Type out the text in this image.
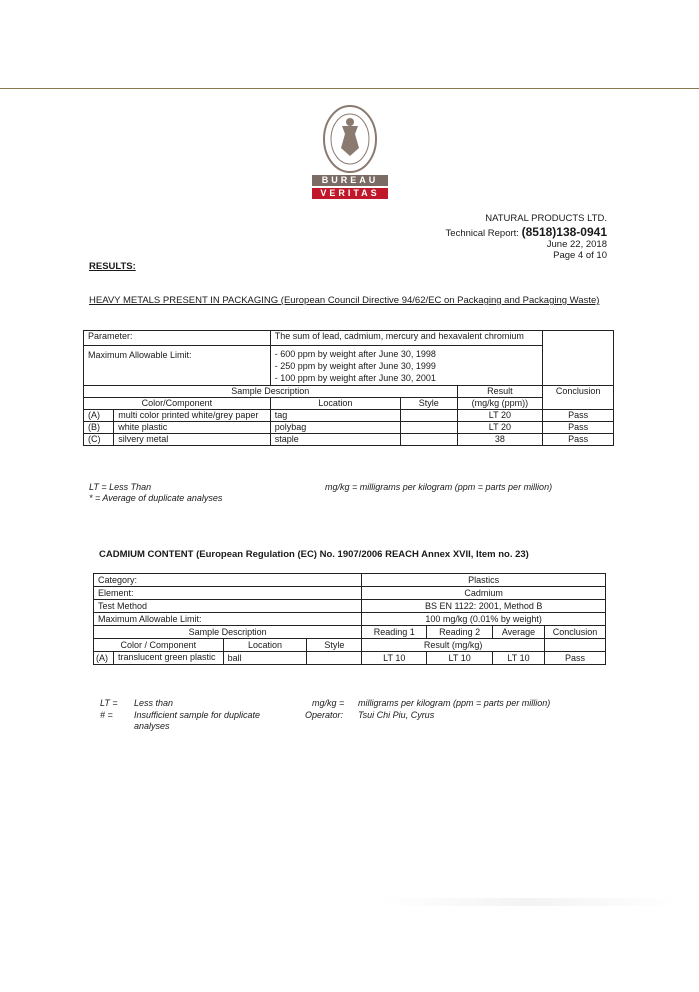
BUREAU
VERITAS
NATURAL PRODUCTS LTD.
Technical Report: (8518)138-0941
June 22, 2018
Page 4 of 10
RESULTS:
HEAVY METALS PRESENT IN PACKAGING (European Council Directive 94/62/EC on Packaging and Packaging Waste)
Parameter:		The sum of lead, cadmium, mercury and hexavalent chromium			
Maximum Allowable Limit:		- 600 ppm by weight after June 30, 1998
- 250 ppm by weight after June 30, 1999
- 100 ppm by weight after June 30, 2001			

Sample Description				Result	Conclusion
Color/Component		Location	Style	(mg/kg (ppm))	
(A)	multi color printed white/grey paper	tag		LT 20	Pass
(B)	white plastic	polybag		LT 20	Pass
(C)	silvery metal	staple		38	Pass
LT = Less Than
* = Average of duplicate analyses
mg/kg = milligrams per kilogram (ppm = parts per million)
CADMIUM CONTENT (European Regulation (EC) No. 1907/2006 REACH Annex XVII, Item no. 23)
Category:				Plastics			
Element:				Cadmium			
Test Method				BS EN 1122: 2001, Method B			
Maximum Allowable Limit:				100 mg/kg (0.01% by weight)			
Sample Description				Reading 1	Reading 2	Average	Conclusion
Color / Component		Location	Style	Result (mg/kg)			
(A)	translucent green plastic	ball		LT 10	LT 10	LT 10	Pass
LT = Less than
# = Insufficient sample for duplicate analyses
mg/kg = milligrams per kilogram (ppm = parts per million)
Operator: Tsui Chi Piu, Cyrus
